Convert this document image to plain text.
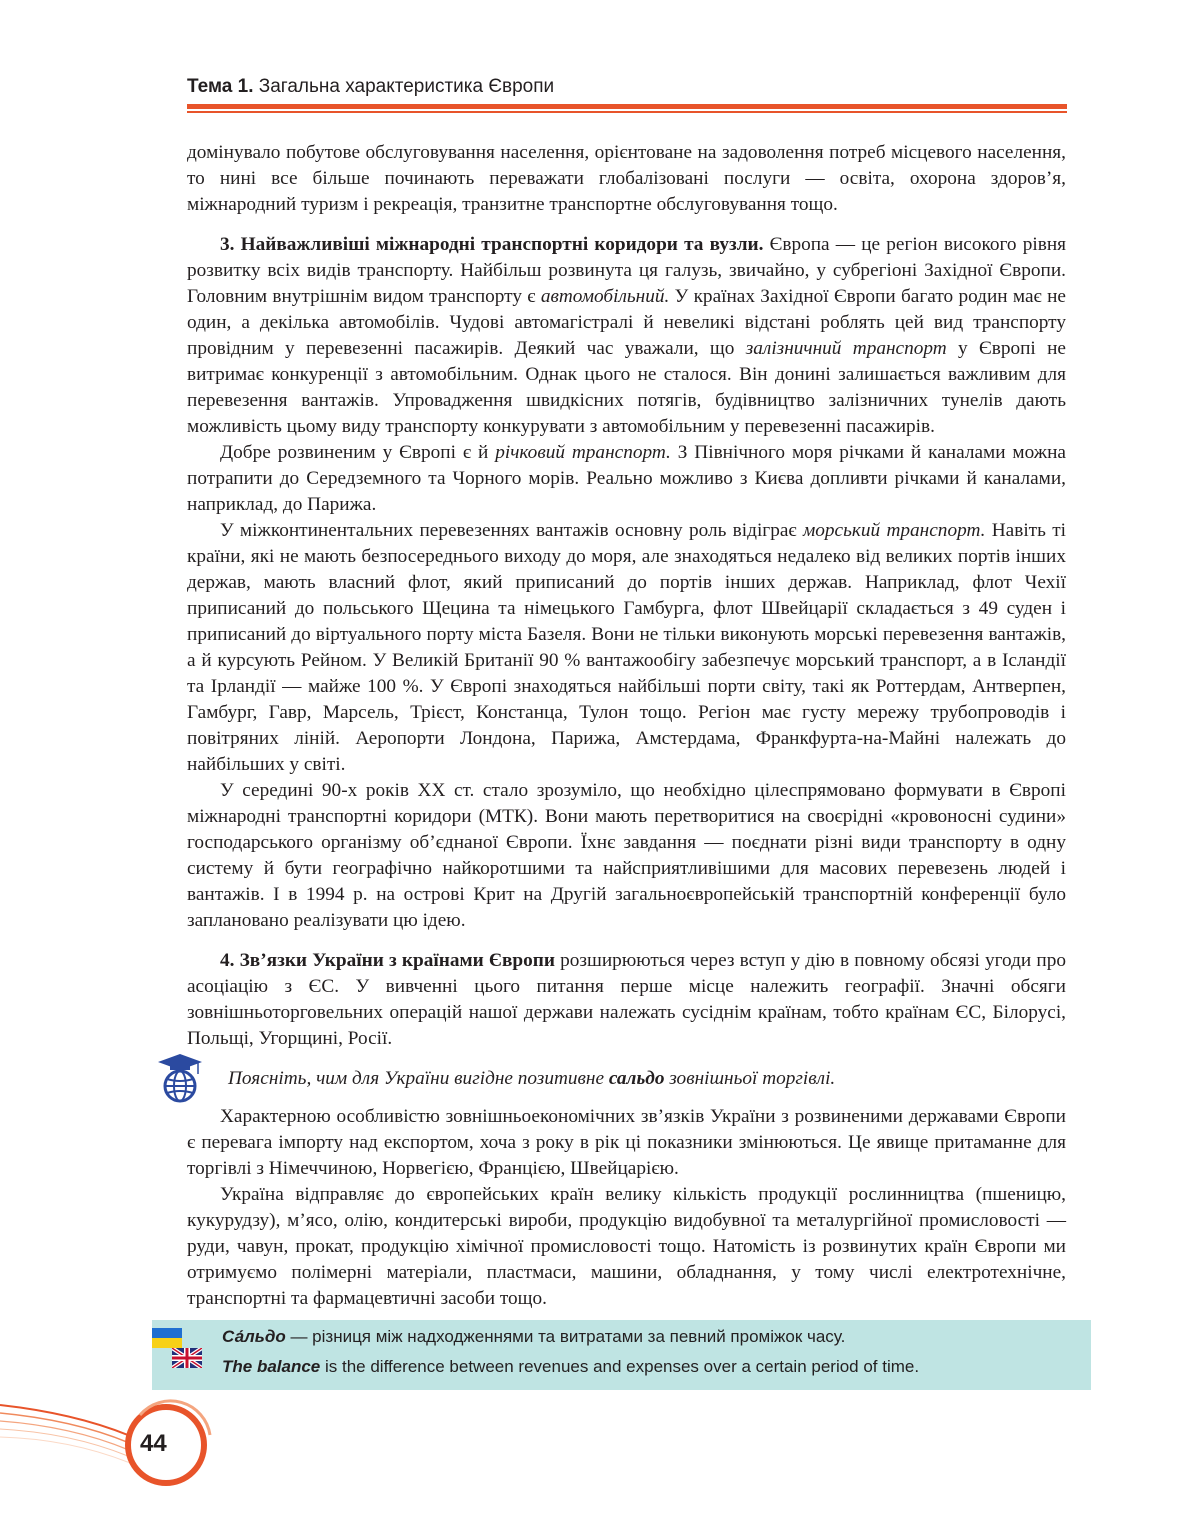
Тема 1. Загальна характеристика Європи

домінувало побутове обслуговування населення, орієнтоване на задоволення потреб місцевого населення, то нині все більше починають переважати глобалізовані послуги — освіта, охорона здоров’я, міжнародний туризм і рекреація, транзитне транспортне обслуговування тощо.

3. Найважливіші міжнародні транспортні коридори та вузли. Європа — це регіон високого рівня розвитку всіх видів транспорту. Найбільш розвинута ця галузь, звичайно, у субрегіоні Західної Європи. Головним внутрішнім видом транспорту є автомобільний. У країнах Західної Європи багато родин має не один, а декілька автомобілів. Чудові автомагістралі й невеликі відстані роблять цей вид транспорту провідним у перевезенні пасажирів. Деякий час уважали, що залізничний транспорт у Європі не витримає конкуренції з автомобільним. Однак цього не сталося. Він донині залишається важливим для перевезення вантажів. Упровадження швидкісних потягів, будівництво залізничних тунелів дають можливість цьому виду транспорту конкурувати з автомобільним у перевезенні пасажирів.

Добре розвиненим у Європі є й річковий транспорт. З Північного моря річками й каналами можна потрапити до Середземного та Чорного морів. Реально можливо з Києва допливти річками й каналами, наприклад, до Парижа.

У міжконтинентальних перевезеннях вантажів основну роль відіграє морський транспорт. Навіть ті країни, які не мають безпосереднього виходу до моря, але знаходяться недалеко від великих портів інших держав, мають власний флот, який приписаний до портів інших держав. Наприклад, флот Чехії приписаний до польського Щецина та німецького Гамбурга, флот Швейцарії складається з 49 суден і приписаний до віртуального порту міста Базеля. Вони не тільки виконують морські перевезення вантажів, а й курсують Рейном. У Великій Британії 90 % вантажообігу забезпечує морський транспорт, а в Ісландії та Ірландії — майже 100 %. У Європі знаходяться найбільші порти світу, такі як Роттердам, Антверпен, Гамбург, Гавр, Марсель, Трієст, Констанца, Тулон тощо. Регіон має густу мережу трубопроводів і повітряних ліній. Аеропорти Лондона, Парижа, Амстердама, Франкфурта-на-Майні належать до найбільших у світі.

У середині 90-х років XX ст. стало зрозуміло, що необхідно цілеспрямовано формувати в Європі міжнародні транспортні коридори (МТК). Вони мають перетворитися на своєрідні «кровоносні судини» господарського організму об’єднаної Європи. Їхнє завдання — поєднати різні види транспорту в одну систему й бути географічно найкоротшими та найсприятливішими для масових перевезень людей і вантажів. І в 1994 р. на острові Крит на Другій загальноєвропейській транспортній конференції було заплановано реалізувати цю ідею.

4. Зв’язки України з країнами Європи розширюються через вступ у дію в повному обсязі угоди про асоціацію з ЄС. У вивченні цього питання перше місце належить географії. Значні обсяги зовнішньоторговельних операцій нашої держави належать сусіднім країнам, тобто країнам ЄС, Білорусі, Польщі, Угорщині, Росії.

Поясніть, чим для України вигідне позитивне сальдо зовнішньої торгівлі.

Характерною особливістю зовнішньоекономічних зв’язків України з розвиненими державами Європи є перевага імпорту над експортом, хоча з року в рік ці показники змінюються. Це явище притаманне для торгівлі з Німеччиною, Норвегією, Францією, Швейцарією.

Україна відправляє до європейських країн велику кількість продукції рослинництва (пшеницю, кукурудзу), м’ясо, олію, кондитерські вироби, продукцію видобувної та металургійної промисловості — руди, чавун, прокат, продукцію хімічної промисловості тощо. Натомість із розвинутих країн Європи ми отримуємо полімерні матеріали, пластмаси, машини, обладнання, у тому числі електротехнічне, транспортні та фармацевтичні засоби тощо.

Са́льдо — різниця між надходженнями та витратами за певний проміжок часу.
The balance is the difference between revenues and expenses over a certain period of time.
44
